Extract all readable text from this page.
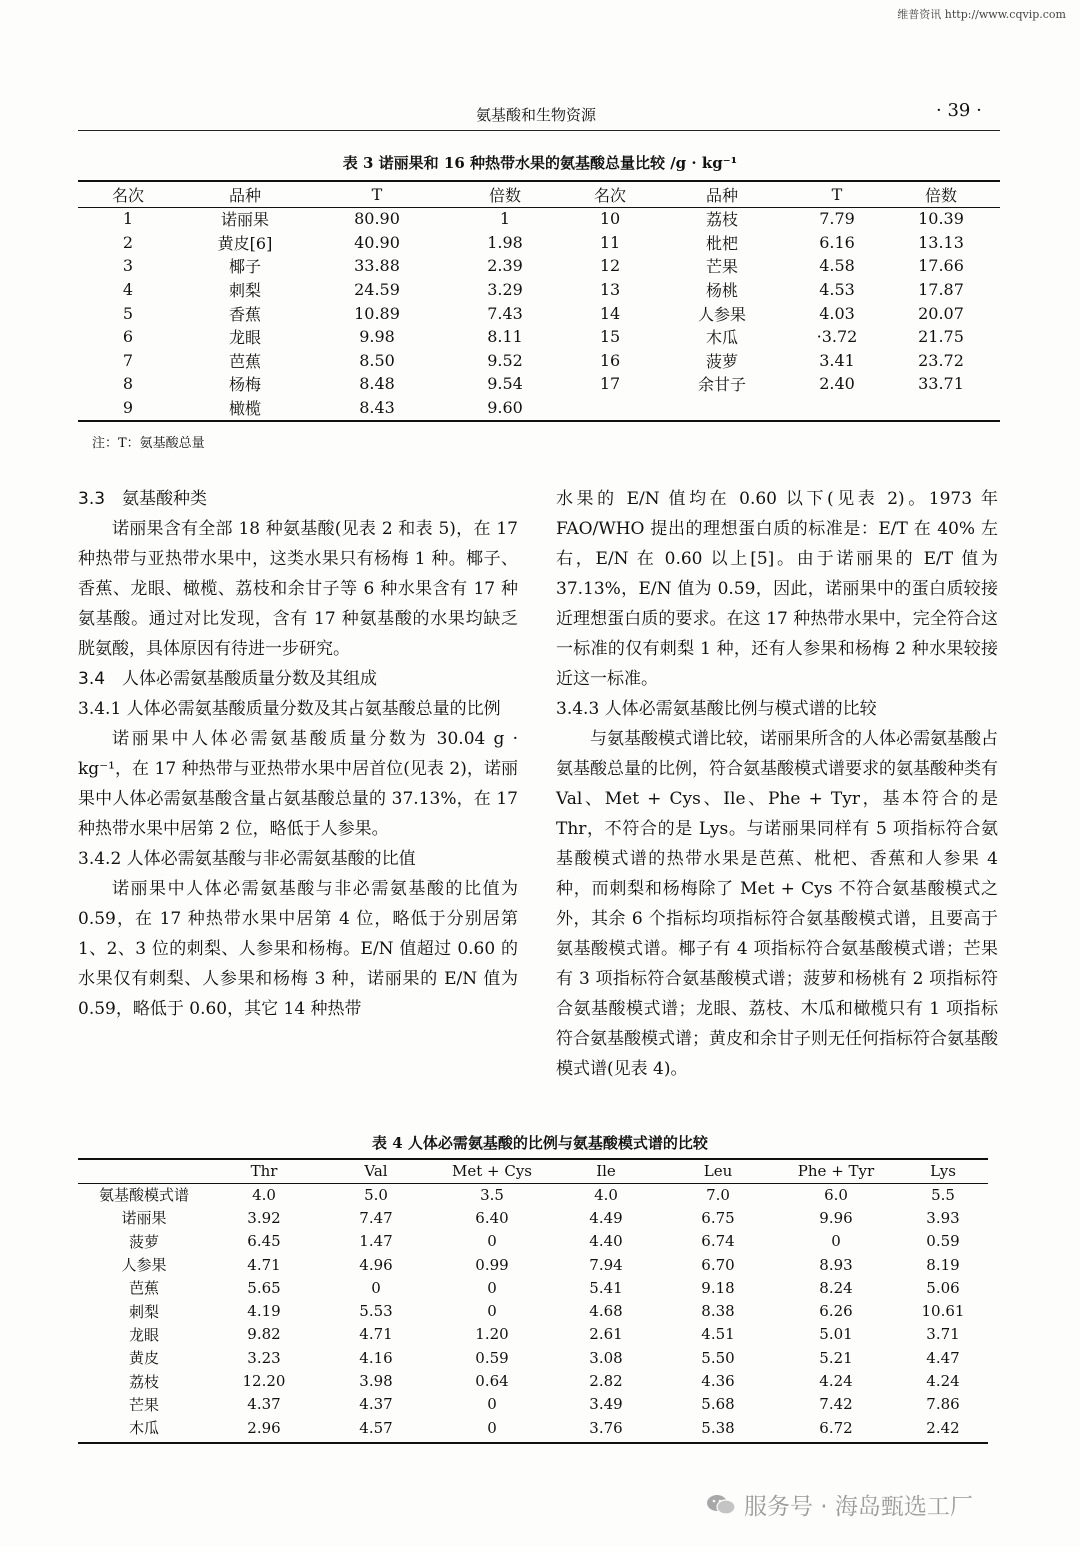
维普资讯 http://www.cqvip.com
氨基酸和生物资源	· 39 ·
表 3 诺丽果和 16 种热带水果的氨基酸总量比较 /g · kg⁻¹
名次	品种	T	倍数	名次	品种	T	倍数
1	诺丽果	80.90	1	10	荔枝	7.79	10.39
2	黄皮[6]	40.90	1.98	11	枇杷	6.16	13.13
3	椰子	33.88	2.39	12	芒果	4.58	17.66
4	刺梨	24.59	3.29	13	杨桃	4.53	17.87
5	香蕉	10.89	7.43	14	人参果	4.03	20.07
6	龙眼	9.98	8.11	15	木瓜	·3.72	21.75
7	芭蕉	8.50	9.52	16	菠萝	3.41	23.72
8	杨梅	8.48	9.54	17	余甘子	2.40	33.71
9	橄榄	8.43	9.60				
注：T：氨基酸总量

3.3　氨基酸种类

诺丽果含有全部 18 种氨基酸(见表 2 和表 5)，在 17 种热带与亚热带水果中，这类水果只有杨梅 1 种。椰子、香蕉、龙眼、橄榄、荔枝和余甘子等 6 种水果含有 17 种氨基酸。通过对比发现，含有 17 种氨基酸的水果均缺乏胱氨酸，具体原因有待进一步研究。

3.4　人体必需氨基酸质量分数及其组成

3.4.1 人体必需氨基酸质量分数及其占氨基酸总量的比例

诺丽果中人体必需氨基酸质量分数为 30.04 g · kg⁻¹，在 17 种热带与亚热带水果中居首位(见表 2)，诺丽果中人体必需氨基酸含量占氨基酸总量的 37.13%，在 17 种热带水果中居第 2 位，略低于人参果。

3.4.2 人体必需氨基酸与非必需氨基酸的比值

诺丽果中人体必需氨基酸与非必需氨基酸的比值为 0.59，在 17 种热带水果中居第 4 位，略低于分别居第 1、2、3 位的刺梨、人参果和杨梅。E/N 值超过 0.60 的水果仅有刺梨、人参果和杨梅 3 种，诺丽果的 E/N 值为 0.59，略低于 0.60，其它 14 种热带

水果的 E/N 值均在 0.60 以下(见表 2)。1973 年 FAO/WHO 提出的理想蛋白质的标准是：E/T 在 40% 左右，E/N 在 0.60 以上[5]。由于诺丽果的 E/T 值为 37.13%，E/N 值为 0.59，因此，诺丽果中的蛋白质较接近理想蛋白质的要求。在这 17 种热带水果中，完全符合这一标准的仅有刺梨 1 种，还有人参果和杨梅 2 种水果较接近这一标准。

3.4.3 人体必需氨基酸比例与模式谱的比较

与氨基酸模式谱比较，诺丽果所含的人体必需氨基酸占氨基酸总量的比例，符合氨基酸模式谱要求的氨基酸种类有 Val、Met + Cys、Ile、Phe + Tyr，基本符合的是 Thr，不符合的是 Lys。与诺丽果同样有 5 项指标符合氨基酸模式谱的热带水果是芭蕉、枇杷、香蕉和人参果 4 种，而刺梨和杨梅除了 Met + Cys 不符合氨基酸模式之外，其余 6 个指标均项指标符合氨基酸模式谱，且要高于氨基酸模式谱。椰子有 4 项指标符合氨基酸模式谱；芒果有 3 项指标符合氨基酸模式谱；菠萝和杨桃有 2 项指标符合氨基酸模式谱；龙眼、荔枝、木瓜和橄榄只有 1 项指标符合氨基酸模式谱；黄皮和余甘子则无任何指标符合氨基酸模式谱(见表 4)。

表 4 人体必需氨基酸的比例与氨基酸模式谱的比较
	Thr	Val	Met + Cys	Ile	Leu	Phe + Tyr	Lys
氨基酸模式谱	4.0	5.0	3.5	4.0	7.0	6.0	5.5
诺丽果	3.92	7.47	6.40	4.49	6.75	9.96	3.93
菠萝	6.45	1.47	0	4.40	6.74	0	0.59
人参果	4.71	4.96	0.99	7.94	6.70	8.93	8.19
芭蕉	5.65	0	0	5.41	9.18	8.24	5.06
刺梨	4.19	5.53	0	4.68	8.38	6.26	10.61
龙眼	9.82	4.71	1.20	2.61	4.51	5.01	3.71
黄皮	3.23	4.16	0.59	3.08	5.50	5.21	4.47
荔枝	12.20	3.98	0.64	2.82	4.36	4.24	4.24
芒果	4.37	4.37	0	3.49	5.68	7.42	7.86
木瓜	2.96	4.57	0	3.76	5.38	6.72	2.42
服务号 · 海岛甄选工厂
